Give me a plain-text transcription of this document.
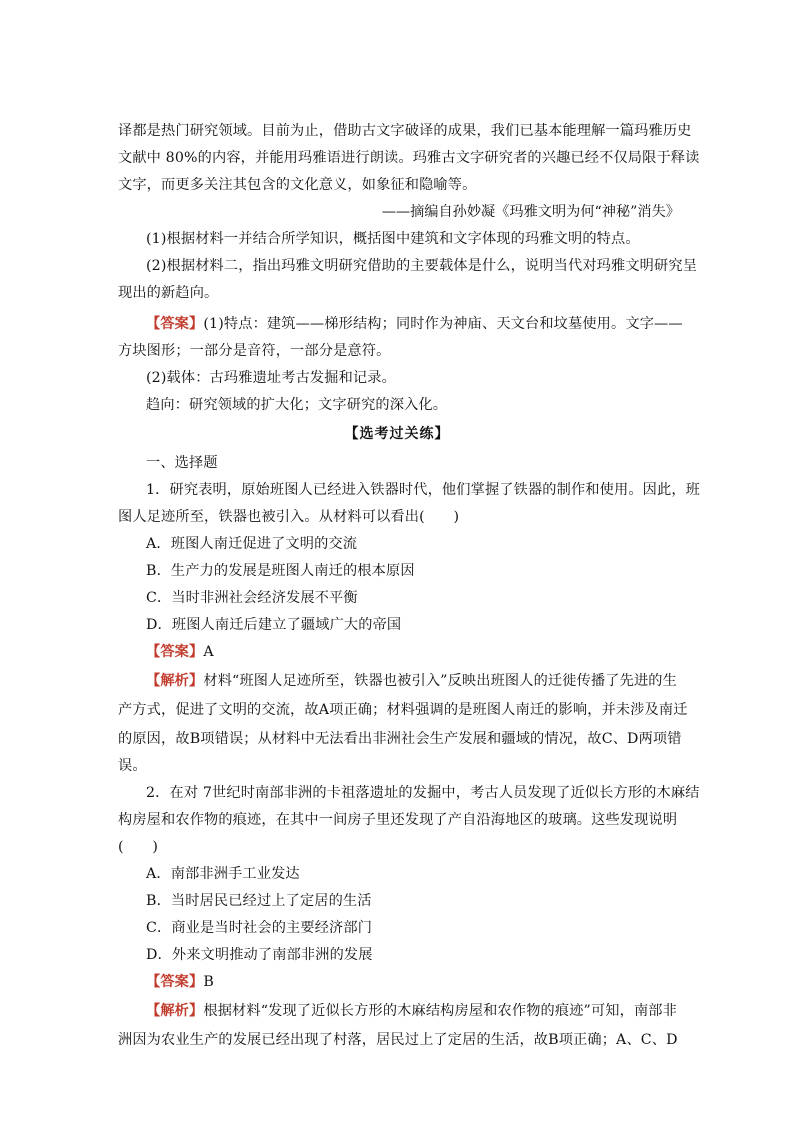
译都是热门研究领域。目前为止，借助古文字破译的成果，我们已基本能理解一篇玛雅历史
文献中 80%的内容，并能用玛雅语进行朗读。玛雅古文字研究者的兴趣已经不仅局限于释读
文字，而更多关注其包含的文化意义，如象征和隐喻等。
——摘编自孙妙凝《玛雅文明为何“神秘”消失》
(1)根据材料一并结合所学知识，概括图中建筑和文字体现的玛雅文明的特点。
(2)根据材料二，指出玛雅文明研究借助的主要载体是什么，说明当代对玛雅文明研究呈
现出的新趋向。
【答案】(1)特点：建筑——梯形结构；同时作为神庙、天文台和坟墓使用。文字——
方块图形；一部分是音符，一部分是意符。
(2)载体：古玛雅遗址考古发掘和记录。
趋向：研究领域的扩大化；文字研究的深入化。
【选考过关练】
一、选择题
1．研究表明，原始班图人已经进入铁器时代，他们掌握了铁器的制作和使用。因此，班
图人足迹所至，铁器也被引入。从材料可以看出(　　)
A．班图人南迁促进了文明的交流
B．生产力的发展是班图人南迁的根本原因
C．当时非洲社会经济发展不平衡
D．班图人南迁后建立了疆域广大的帝国
【答案】A
【解析】材料“班图人足迹所至，铁器也被引入”反映出班图人的迁徙传播了先进的生
产方式，促进了文明的交流，故A项正确；材料强调的是班图人南迁的影响，并未涉及南迁
的原因，故B项错误；从材料中无法看出非洲社会生产发展和疆域的情况，故C、D两项错
误。
2．在对 7世纪时南部非洲的卡祖落遗址的发掘中，考古人员发现了近似长方形的木麻结
构房屋和农作物的痕迹，在其中一间房子里还发现了产自沿海地区的玻璃。这些发现说明
(　　)
A．南部非洲手工业发达
B．当时居民已经过上了定居的生活
C．商业是当时社会的主要经济部门
D．外来文明推动了南部非洲的发展
【答案】B
【解析】根据材料“发现了近似长方形的木麻结构房屋和农作物的痕迹”可知，南部非
洲因为农业生产的发展已经出现了村落，居民过上了定居的生活，故B项正确；A、C、D
